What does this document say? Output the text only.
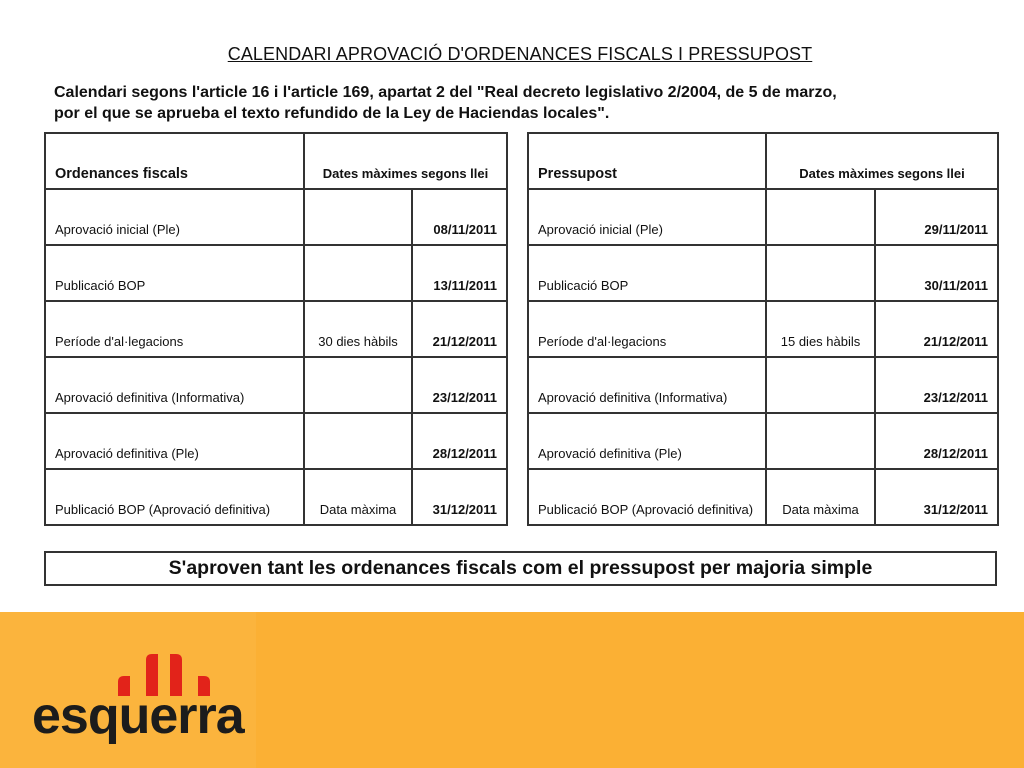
CALENDARI APROVACIÓ D'ORDENANCES FISCALS I PRESSUPOST
Calendari segons l'article 16 i l'article 169, apartat 2 del "Real decreto legislativo 2/2004, de 5 de marzo, por el que se aprueba el texto refundido de la Ley de Haciendas locales".
Ordenances fiscals	Dates màximes segons llei	
Aprovació inicial (Ple)		08/11/2011
Publicació BOP		13/11/2011
Període d'al·legacions	30 dies hàbils	21/12/2011
Aprovació definitiva (Informativa)		23/12/2011
Aprovació definitiva (Ple)		28/12/2011
Publicació BOP (Aprovació definitiva)	Data màxima	31/12/2011
Pressupost	Dates màximes segons llei	
Aprovació inicial (Ple)		29/11/2011
Publicació BOP		30/11/2011
Període d'al·legacions	15 dies hàbils	21/12/2011
Aprovació definitiva (Informativa)		23/12/2011
Aprovació definitiva (Ple)		28/12/2011
Publicació BOP (Aprovació definitiva)	Data màxima	31/12/2011
S'aproven tant les ordenances fiscals com el pressupost per majoria simple
esquerra
